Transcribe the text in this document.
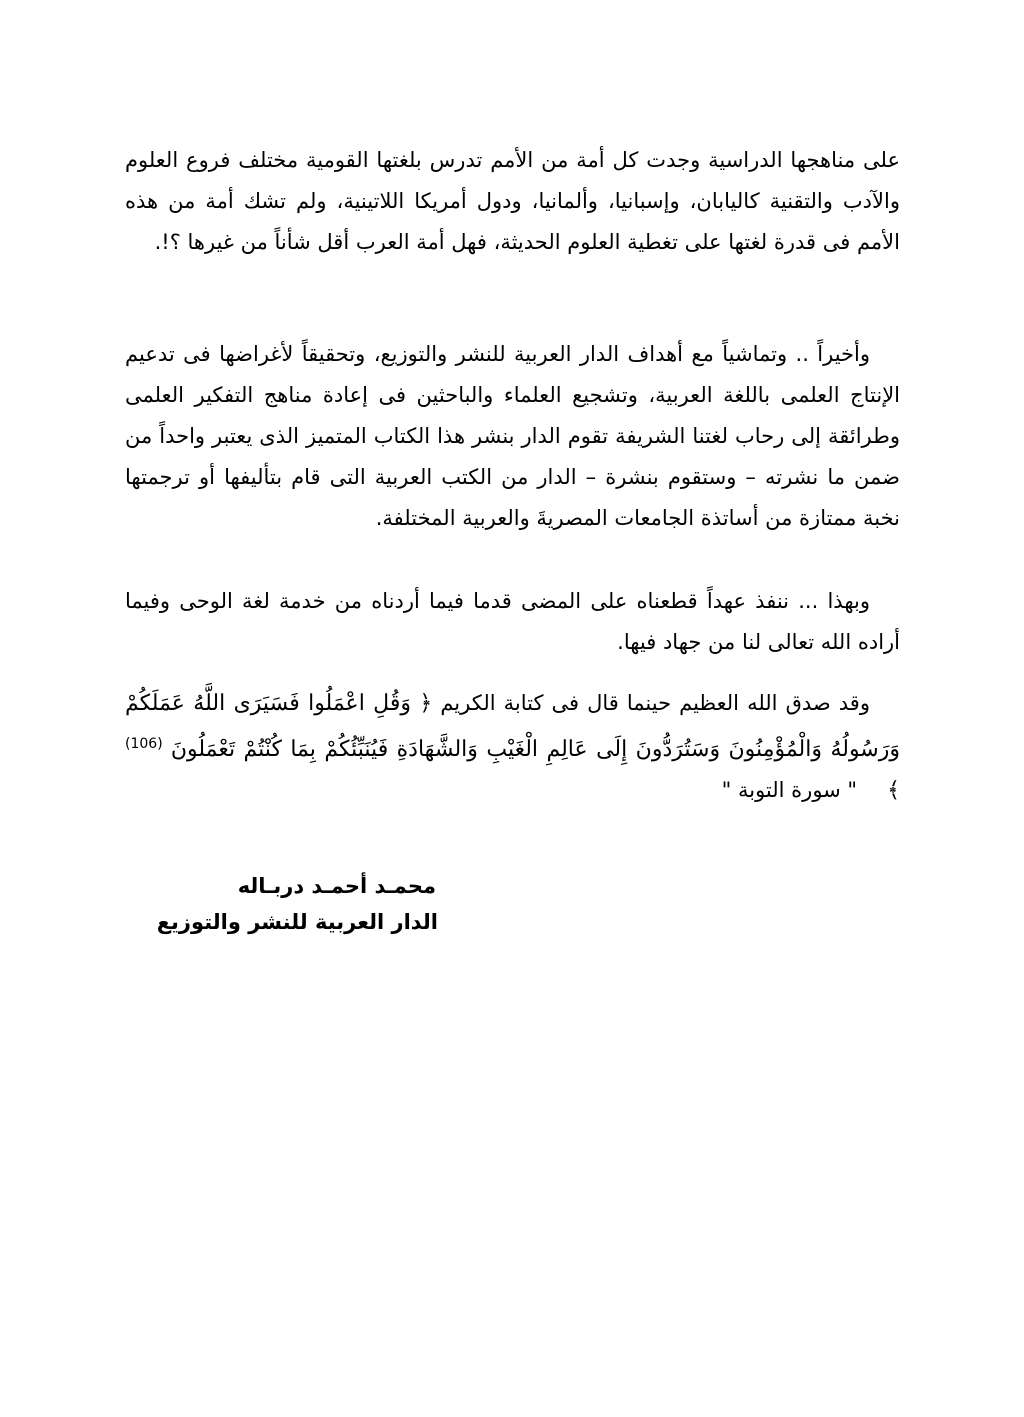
على مناهجها الدراسية وجدت كل أمة من الأمم تدرس بلغتها القومية مختلف فروع العلوم والآدب والتقنية كاليابان، وإسبانيا، وألمانيا، ودول أمريكا اللاتينية، ولم تشك أمة من هذه الأمم فى قدرة لغتها على تغطية العلوم الحديثة، فهل أمة العرب أقل شأناً من غيرها ؟!.
وأخيراً .. وتماشياً مع أهداف الدار العربية للنشر والتوزيع، وتحقيقاً لأغراضها فى تدعيم الإنتاج العلمى باللغة العربية، وتشجيع العلماء والباحثين فى إعادة مناهج التفكير العلمى وطرائقة إلى رحاب لغتنا الشريفة تقوم الدار بنشر هذا الكتاب المتميز الذى يعتبر واحداً من ضمن ما نشرته – وستقوم بنشرة – الدار من الكتب العربية التى قام بتأليفها أو ترجمتها نخبة ممتازة من أساتذة الجامعات المصريةَ والعربية المختلفة.
وبهذا ... ننفذ عهداً قطعناه على المضى قدما فيما أردناه من خدمة لغة الوحى وفيما أراده الله تعالى لنا من جهاد فيها.
وقد صدق الله العظيم حينما قال فى كتابة الكريم ﴿ وَقُلِ اعْمَلُوا فَسَيَرَى اللَّهُ عَمَلَكُمْ وَرَسُولُهُ وَالْمُؤْمِنُونَ وَسَتُرَدُّونَ إِلَى عَالِمِ الْغَيْبِ وَالشَّهَادَةِ فَيُنَبِّئُكُمْ بِمَا كُنْتُمْ تَعْمَلُونَ $^{(106)}$ ﴾" سورة التوبة "
محمـد أحمـد دربـاله
الدار العربية للنشر والتوزيع
